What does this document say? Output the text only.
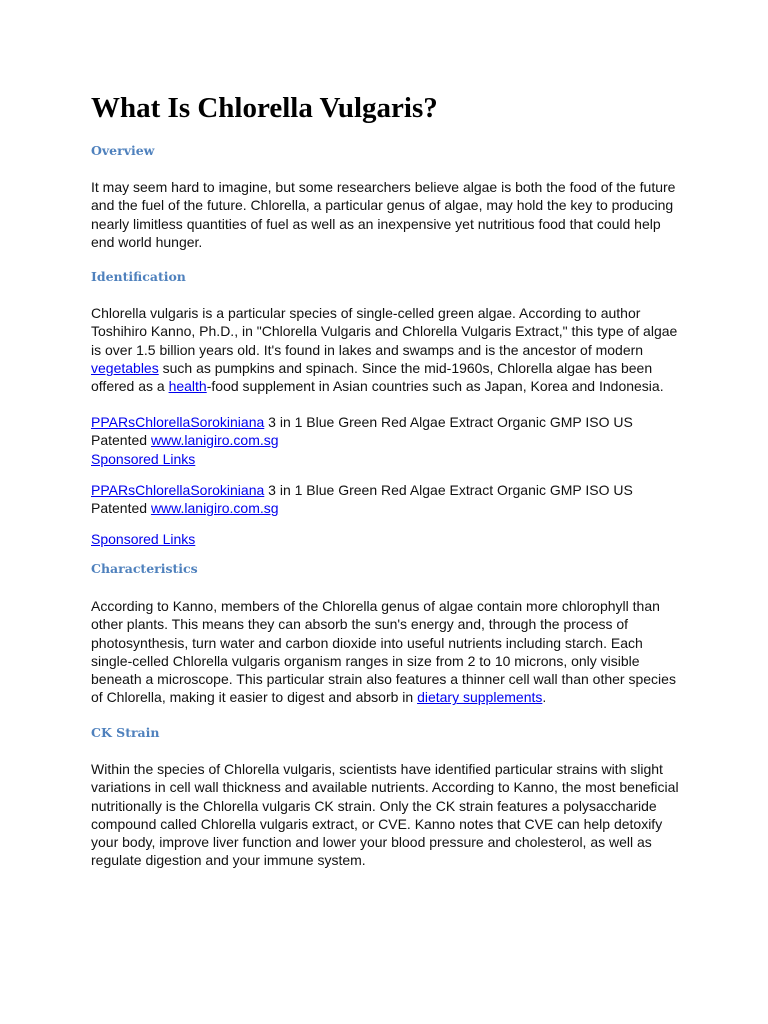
What Is Chlorella Vulgaris?
Overview

It may seem hard to imagine, but some researchers believe algae is both the food of the future
and the fuel of the future. Chlorella, a particular genus of algae, may hold the key to producing
nearly limitless quantities of fuel as well as an inexpensive yet nutritious food that could help
end world hunger.

Identification

Chlorella vulgaris is a particular species of single-celled green algae. According to author
Toshihiro Kanno, Ph.D., in "Chlorella Vulgaris and Chlorella Vulgaris Extract," this type of algae
is over 1.5 billion years old. It's found in lakes and swamps and is the ancestor of modern
vegetables such as pumpkins and spinach. Since the mid-1960s, Chlorella algae has been
offered as a health-food supplement in Asian countries such as Japan, Korea and Indonesia.

PPARsChlorellaSorokiniana 3 in 1 Blue Green Red Algae Extract Organic GMP ISO US
Patented www.lanigiro.com.sg
Sponsored Links

PPARsChlorellaSorokiniana 3 in 1 Blue Green Red Algae Extract Organic GMP ISO US
Patented www.lanigiro.com.sg

Sponsored Links

Characteristics

According to Kanno, members of the Chlorella genus of algae contain more chlorophyll than
other plants. This means they can absorb the sun's energy and, through the process of
photosynthesis, turn water and carbon dioxide into useful nutrients including starch. Each
single-celled Chlorella vulgaris organism ranges in size from 2 to 10 microns, only visible
beneath a microscope. This particular strain also features a thinner cell wall than other species
of Chlorella, making it easier to digest and absorb in dietary supplements.

CK Strain

Within the species of Chlorella vulgaris, scientists have identified particular strains with slight
variations in cell wall thickness and available nutrients. According to Kanno, the most beneficial
nutritionally is the Chlorella vulgaris CK strain. Only the CK strain features a polysaccharide
compound called Chlorella vulgaris extract, or CVE. Kanno notes that CVE can help detoxify
your body, improve liver function and lower your blood pressure and cholesterol, as well as
regulate digestion and your immune system.
